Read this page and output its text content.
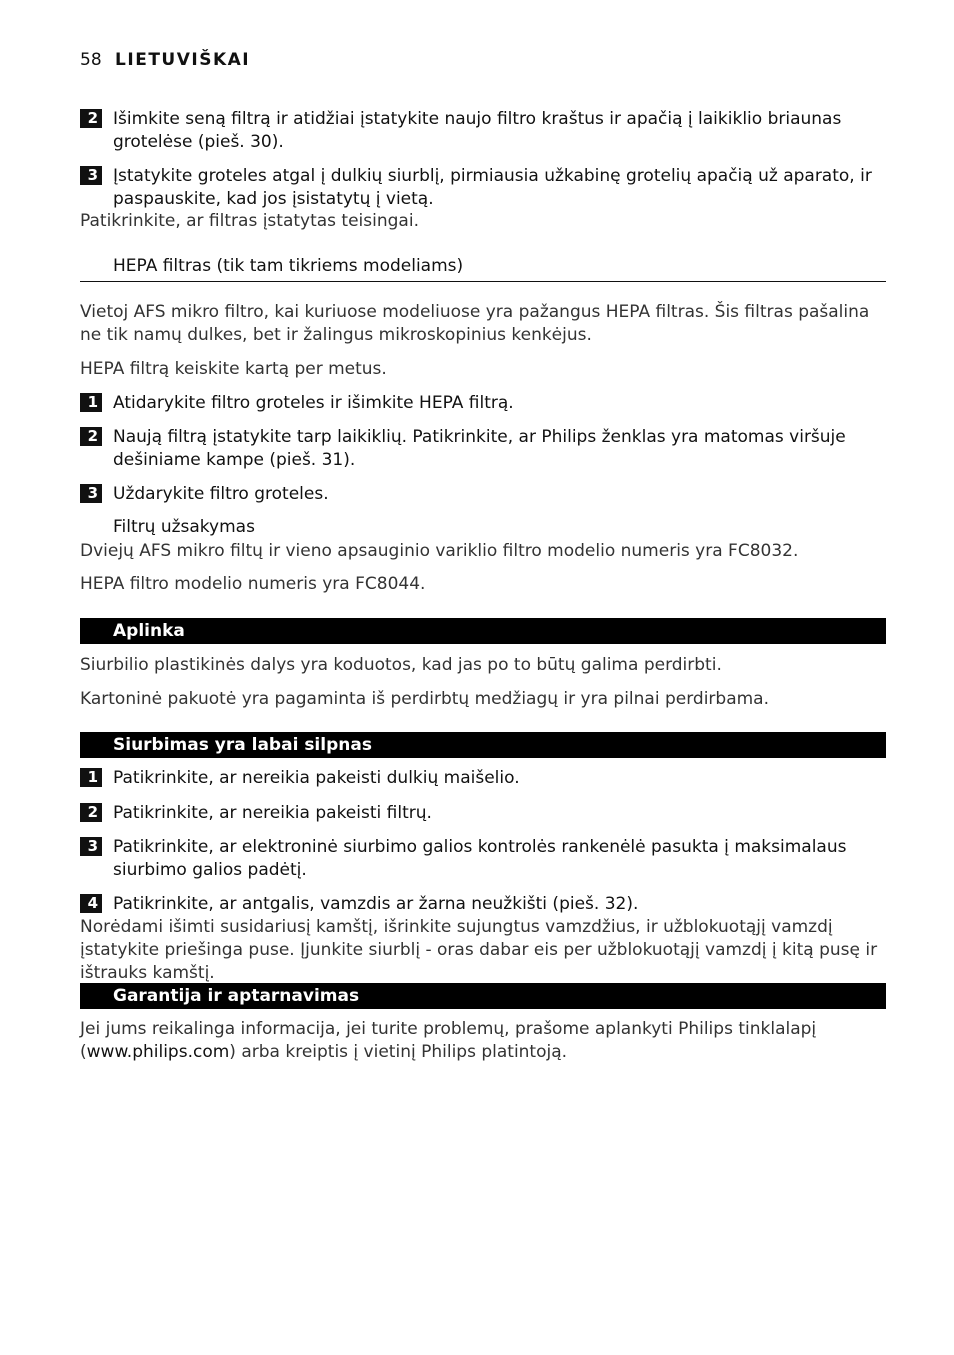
58 LIETUVIŠKAI
2 Išimkite seną filtrą ir atidžiai įstatykite naujo filtro kraštus ir apačią į laikiklio briaunas grotelėse (pieš. 30).
3 Įstatykite groteles atgal į dulkių siurblį, pirmiausia užkabinę grotelių apačią už aparato, ir paspauskite, kad jos įsistatytų į vietą.
Patikrinkite, ar filtras įstatytas teisingai.
HEPA filtras (tik tam tikriems modeliams)
Vietoj AFS mikro filtro, kai kuriuose modeliuose yra pažangus HEPA filtras. Šis filtras pašalina ne tik namų dulkes, bet ir žalingus mikroskopinius kenkėjus.
HEPA filtrą keiskite kartą per metus.
1 Atidarykite filtro groteles ir išimkite HEPA filtrą.
2 Naują filtrą įstatykite tarp laikiklių. Patikrinkite, ar Philips ženklas yra matomas viršuje dešiniame kampe (pieš. 31).
3 Uždarykite filtro groteles.
Filtrų užsakymas
Dviejų AFS mikro filtų ir vieno apsauginio variklio filtro modelio numeris yra FC8032.
HEPA filtro modelio numeris yra FC8044.
Aplinka
Siurbilio plastikinės dalys yra koduotos, kad jas po to būtų galima perdirbti.
Kartoninė pakuotė yra pagaminta iš perdirbtų medžiagų ir yra pilnai perdirbama.
Siurbimas yra labai silpnas
1 Patikrinkite, ar nereikia pakeisti dulkių maišelio.
2 Patikrinkite, ar nereikia pakeisti filtrų.
3 Patikrinkite, ar elektroninė siurbimo galios kontrolės rankenėlė pasukta į maksimalaus siurbimo galios padėtį.
4 Patikrinkite, ar antgalis, vamzdis ar žarna neužkišti (pieš. 32).
Norėdami išimti susidariusį kamštį, išrinkite sujungtus vamzdžius, ir užblokuotąjį vamzdį įstatykite priešinga puse. Įjunkite siurblį - oras dabar eis per užblokuotąjį vamzdį į kitą pusę ir ištrauks kamštį.
Garantija ir aptarnavimas
Jei jums reikalinga informacija, jei turite problemų, prašome aplankyti Philips tinklalapį (www.philips.com) arba kreiptis į vietinį Philips platintoją.
